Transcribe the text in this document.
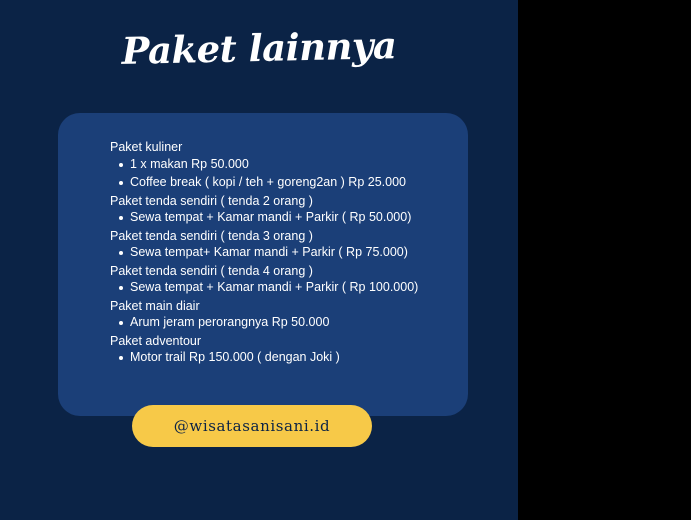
Paket lainnya

Paket kuliner

1 x makan Rp 50.000
Coffee break ( kopi / teh + goreng2an ) Rp 25.000

Paket tenda sendiri ( tenda 2 orang )

Sewa tempat + Kamar mandi + Parkir ( Rp 50.000)

Paket tenda sendiri ( tenda 3 orang )

Sewa tempat+ Kamar mandi + Parkir ( Rp 75.000)

Paket tenda sendiri ( tenda 4 orang )

Sewa tempat + Kamar mandi + Parkir ( Rp 100.000)

Paket main diair

Arum jeram perorangnya Rp 50.000

Paket adventour

Motor trail Rp 150.000 ( dengan Joki )
@wisatasanisani.id
